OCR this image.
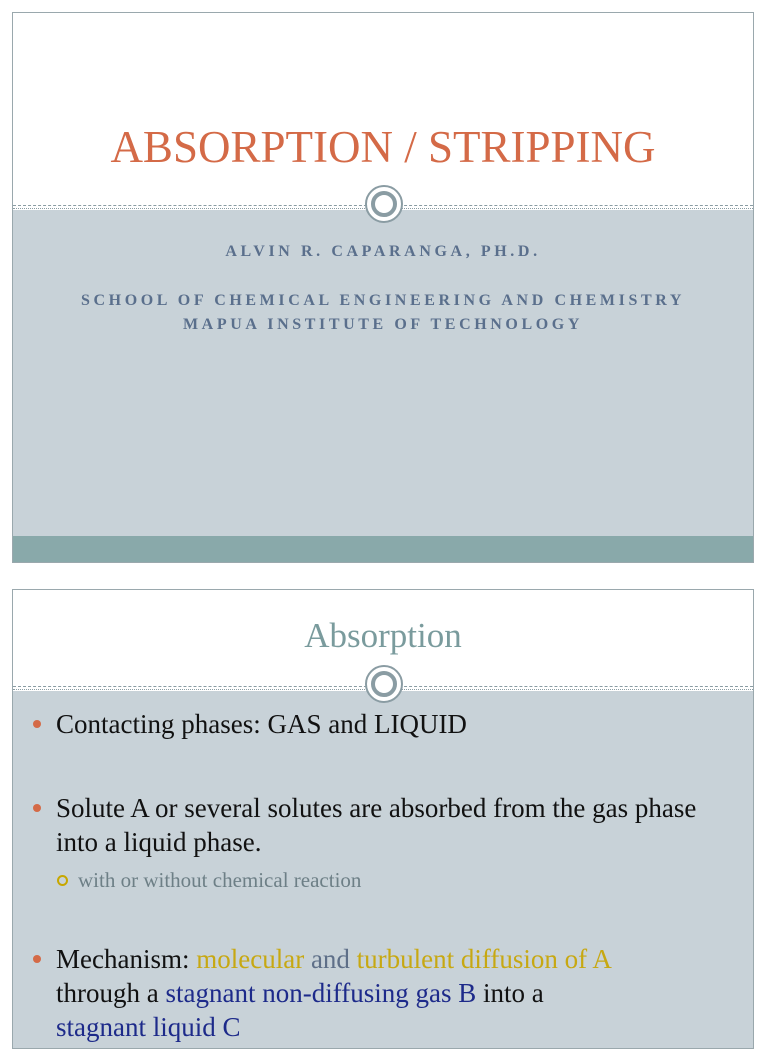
ABSORPTION / STRIPPING
ALVIN R. CAPARANGA, PH.D.
SCHOOL OF CHEMICAL ENGINEERING AND CHEMISTRY
MAPUA INSTITUTE OF TECHNOLOGY
Absorption
Contacting phases: GAS and LIQUID
Solute A or several solutes are absorbed from the gas phase into a liquid phase.
with or without chemical reaction
Mechanism: molecular and turbulent diffusion of A
through a stagnant non-diffusing gas B into a
stagnant liquid C
